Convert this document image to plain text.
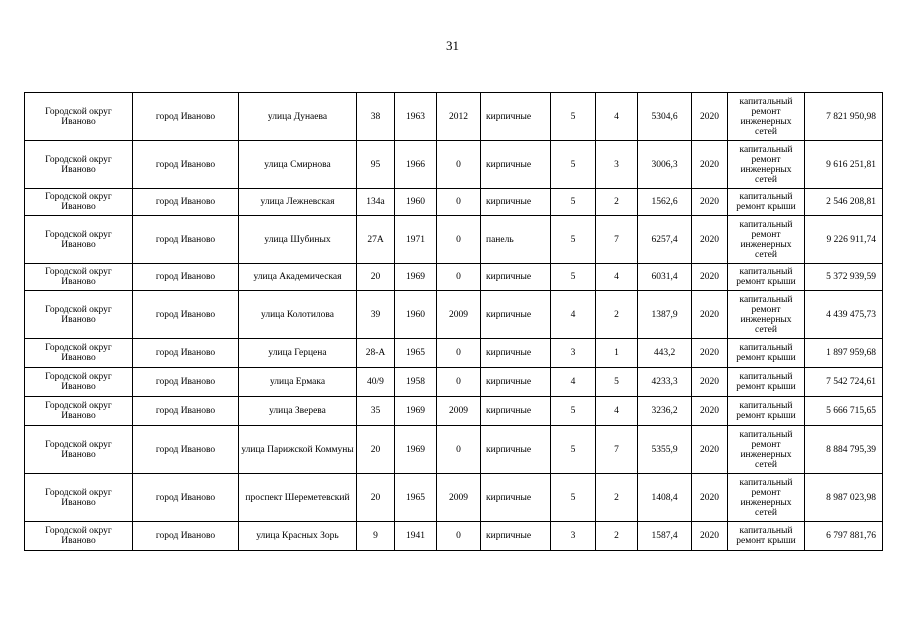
31
Городской округ Иваново	город Иваново	улица Дунаева	38	1963	2012	кирпичные	5	4	5304,6	2020	капитальный ремонт инженерных сетей	7 821 950,98
Городской округ Иваново	город Иваново	улица Смирнова	95	1966	0	кирпичные	5	3	3006,3	2020	капитальный ремонт инженерных сетей	9 616 251,81
Городской округ Иваново	город Иваново	улица Лежневская	134а	1960	0	кирпичные	5	2	1562,6	2020	капитальный ремонт крыши	2 546 208,81
Городской округ Иваново	город Иваново	улица Шубиных	27А	1971	0	панель	5	7	6257,4	2020	капитальный ремонт инженерных сетей	9 226 911,74
Городской округ Иваново	город Иваново	улица Академическая	20	1969	0	кирпичные	5	4	6031,4	2020	капитальный ремонт крыши	5 372 939,59
Городской округ Иваново	город Иваново	улица Колотилова	39	1960	2009	кирпичные	4	2	1387,9	2020	капитальный ремонт инженерных сетей	4 439 475,73
Городской округ Иваново	город Иваново	улица Герцена	28-А	1965	0	кирпичные	3	1	443,2	2020	капитальный ремонт крыши	1 897 959,68
Городской округ Иваново	город Иваново	улица Ермака	40/9	1958	0	кирпичные	4	5	4233,3	2020	капитальный ремонт крыши	7 542 724,61
Городской округ Иваново	город Иваново	улица Зверева	35	1969	2009	кирпичные	5	4	3236,2	2020	капитальный ремонт крыши	5 666 715,65
Городской округ Иваново	город Иваново	улица Парижской Коммуны	20	1969	0	кирпичные	5	7	5355,9	2020	капитальный ремонт инженерных сетей	8 884 795,39
Городской округ Иваново	город Иваново	проспект Шереметевский	20	1965	2009	кирпичные	5	2	1408,4	2020	капитальный ремонт инженерных сетей	8 987 023,98
Городской округ Иваново	город Иваново	улица Красных Зорь	9	1941	0	кирпичные	3	2	1587,4	2020	капитальный ремонт крыши	6 797 881,76
